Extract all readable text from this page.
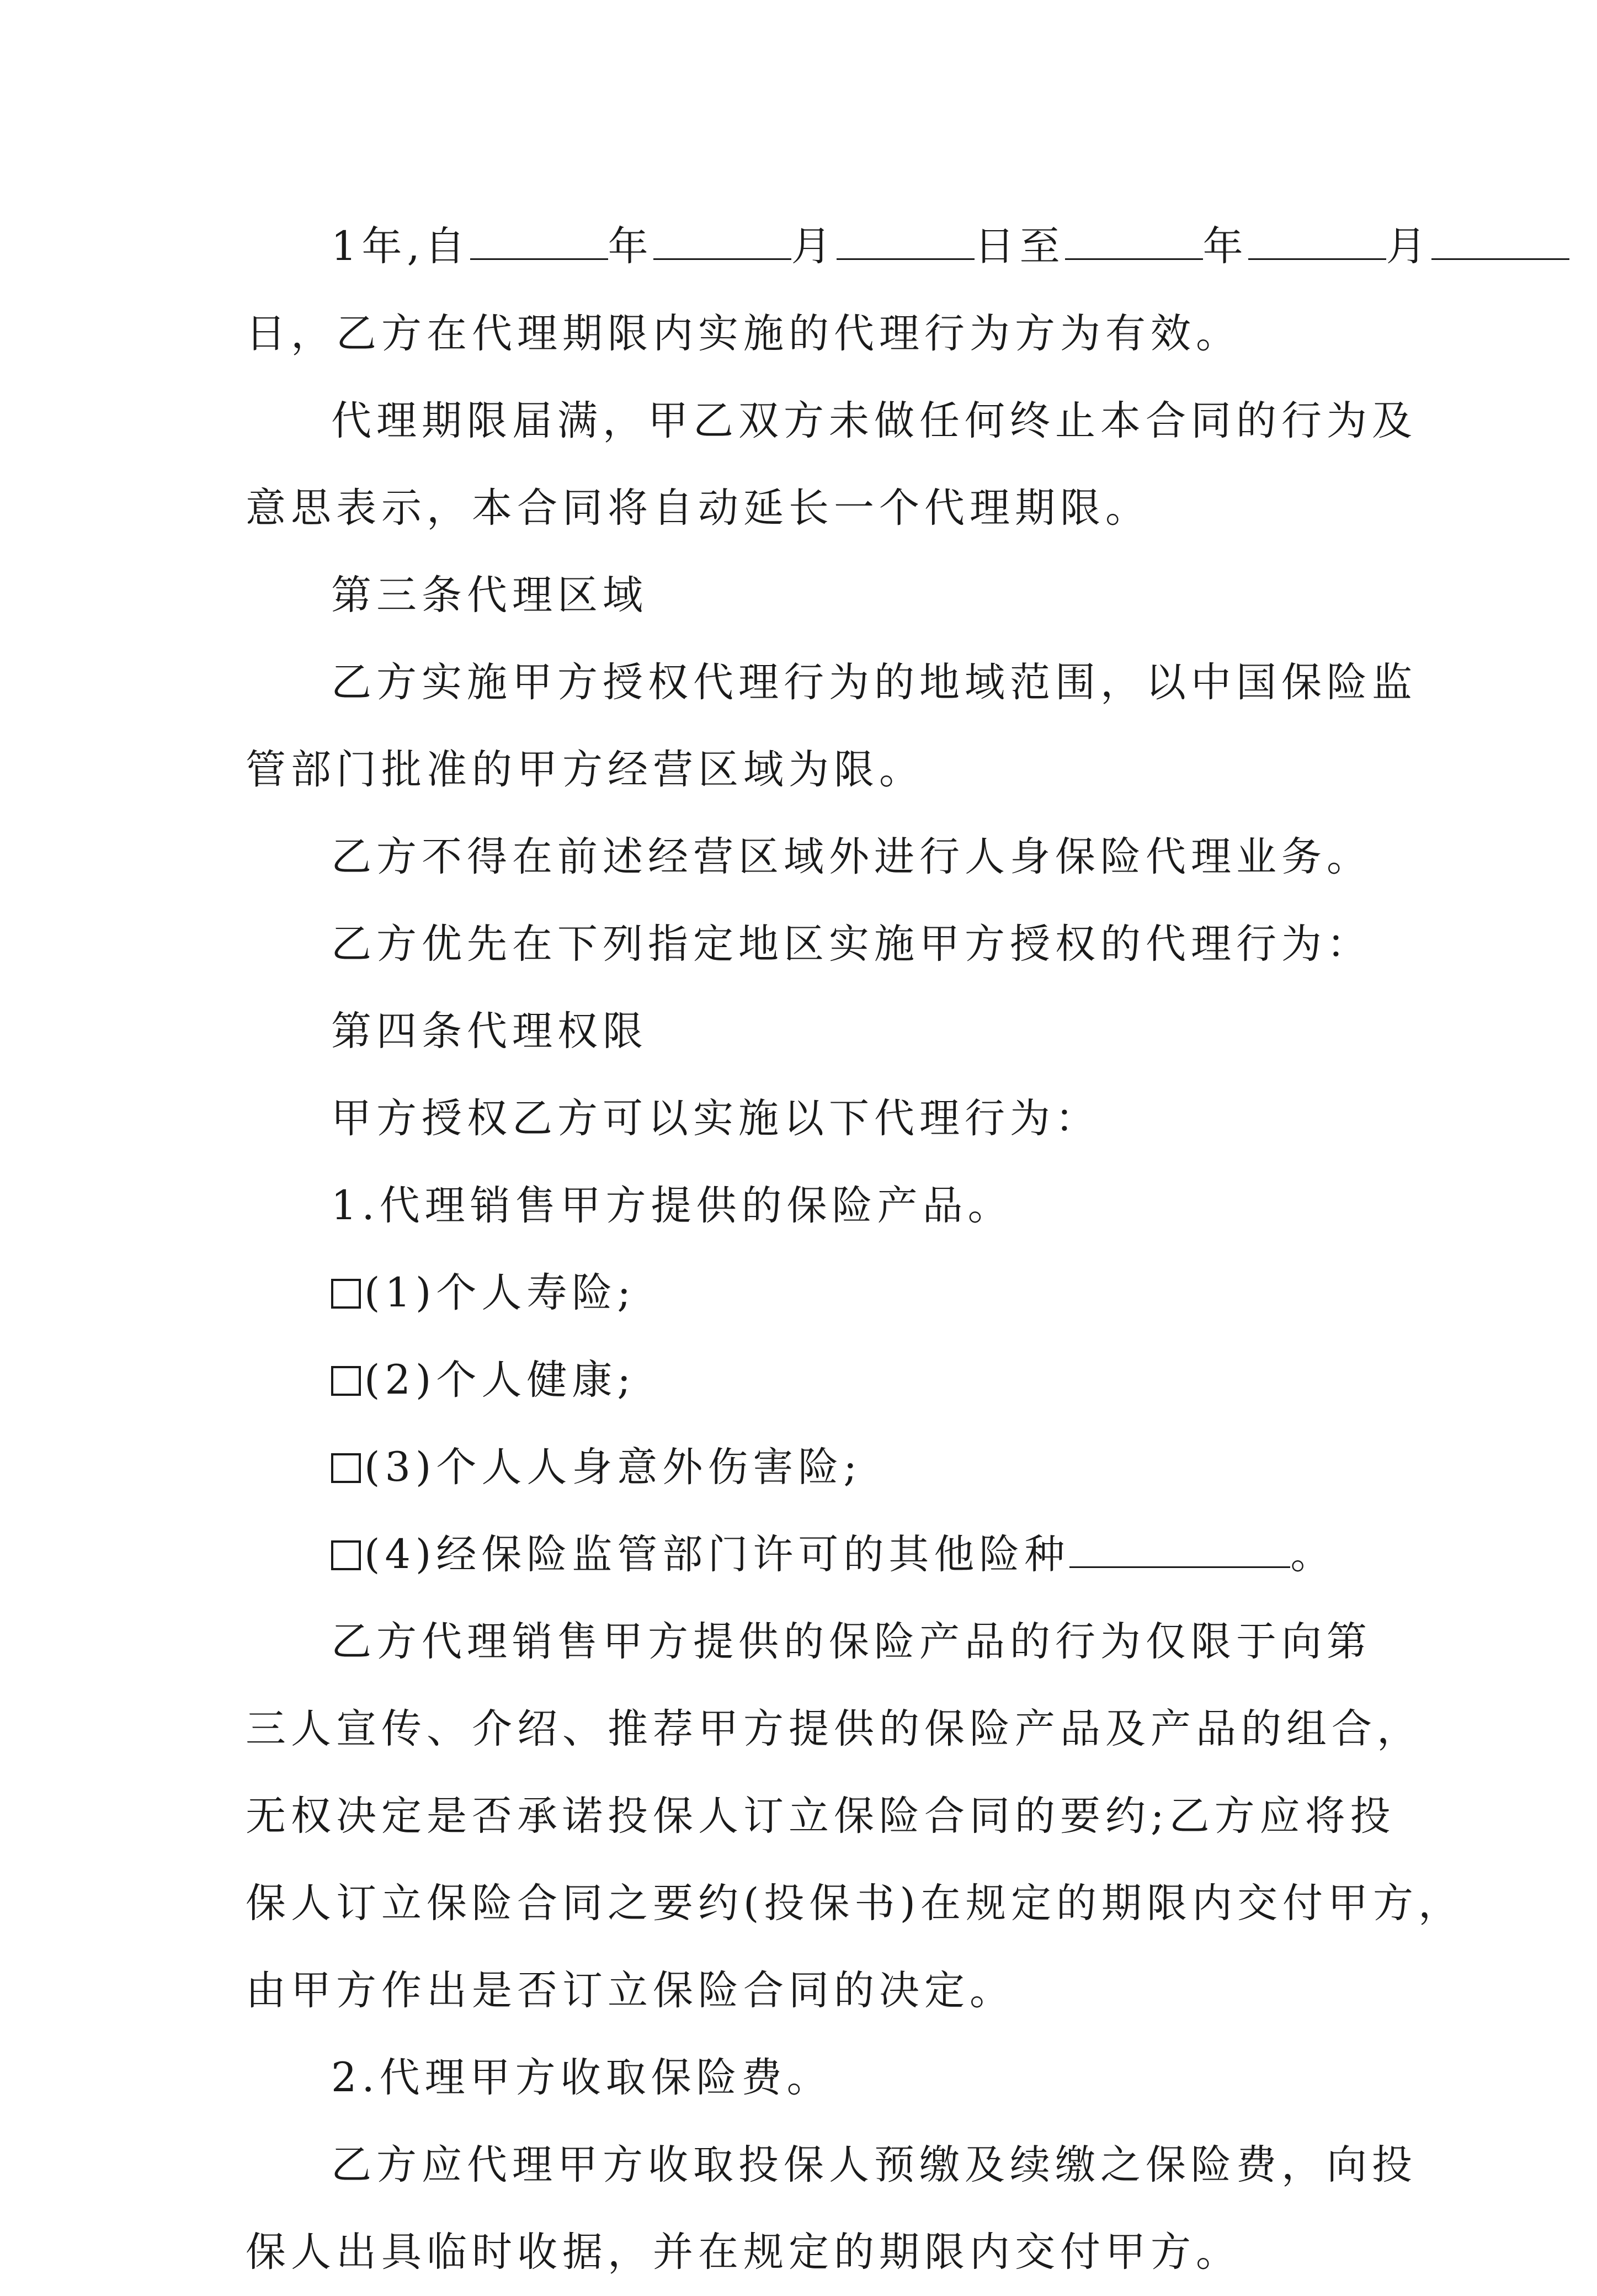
1年,自	年	月	日至	年	月
日，乙方在代理期限内实施的代理行为方为有效。
代理期限届满，甲乙双方未做任何终止本合同的行为及
意思表示，本合同将自动延长一个代理期限。
第三条代理区域
乙方实施甲方授权代理行为的地域范围，以中国保险监
管部门批准的甲方经营区域为限。
乙方不得在前述经营区域外进行人身保险代理业务。
乙方优先在下列指定地区实施甲方授权的代理行为：
第四条代理权限
甲方授权乙方可以实施以下代理行为：
1.代理销售甲方提供的保险产品。
(1)个人寿险;
(2)个人健康;
(3)个人人身意外伤害险;
(4)经保险监管部门许可的其他险种	。
乙方代理销售甲方提供的保险产品的行为仅限于向第
三人宣传、介绍、推荐甲方提供的保险产品及产品的组合，
无权决定是否承诺投保人订立保险合同的要约;乙方应将投
保人订立保险合同之要约(投保书)在规定的期限内交付甲方，
由甲方作出是否订立保险合同的决定。
2.代理甲方收取保险费。
乙方应代理甲方收取投保人预缴及续缴之保险费，向投
保人出具临时收据，并在规定的期限内交付甲方。
